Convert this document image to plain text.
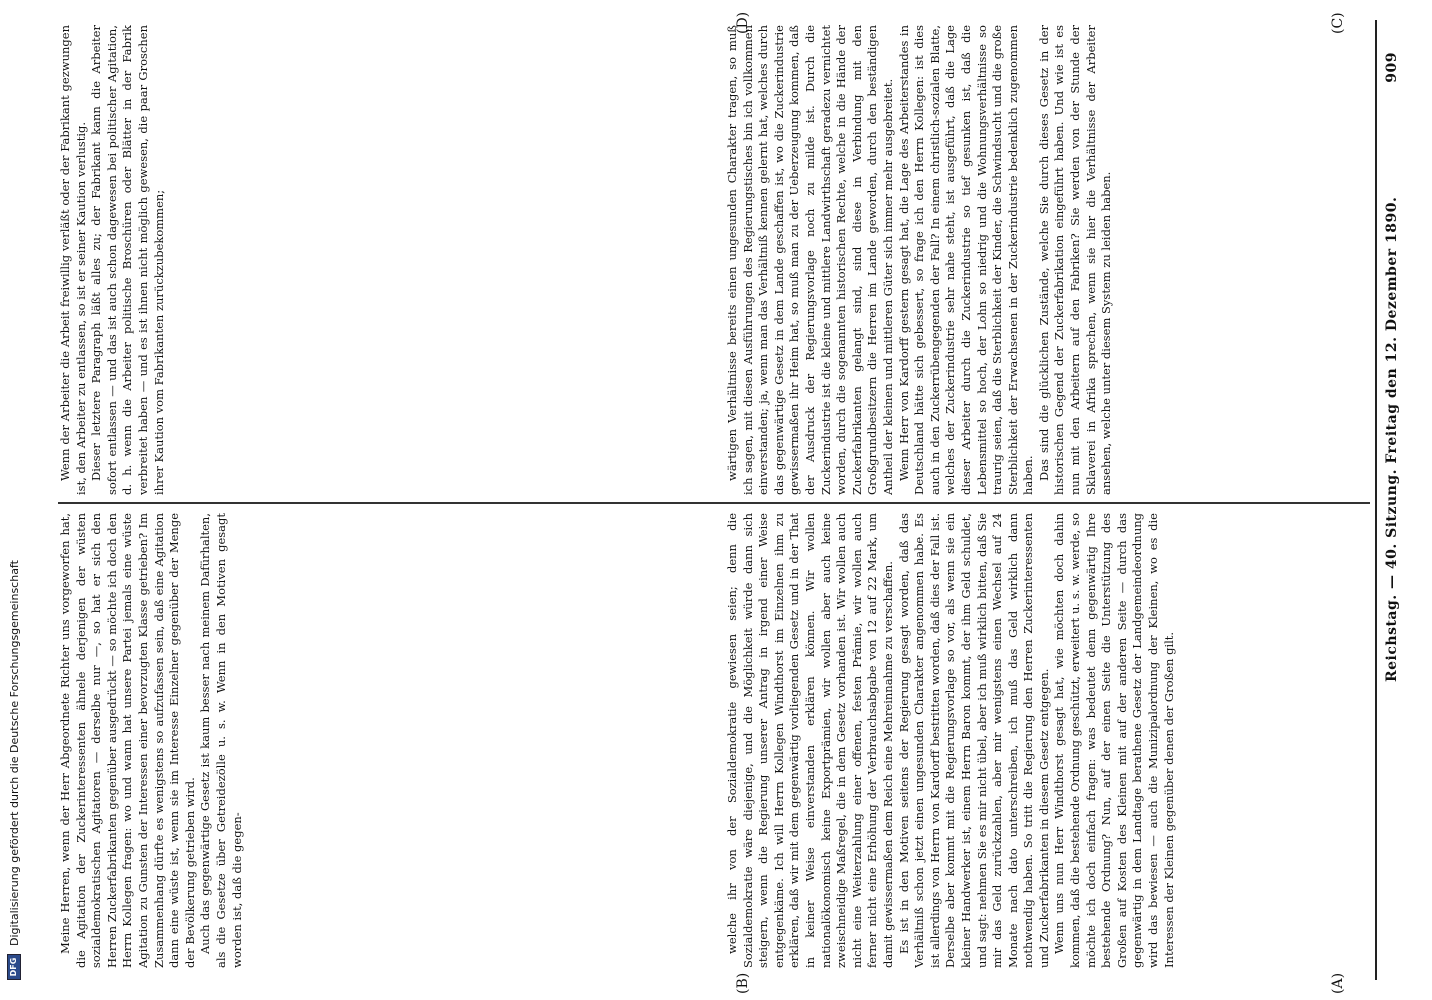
Reichstag. — 40. Sitzung. Freitag den 12. Dezember 1890.
909
(A)
(B)
(C)
(D)

welche ihr von der Sozialdemokratie gewiesen seien; denn die Sozialdemokratie wäre diejenige, und die Möglichkeit würde dann sich steigern, wenn die Regierung unserer Antrag in irgend einer Weise entgegenkäme. Ich will Herrn Kollegen Windthorst im Einzelnen ihm zu erklären, daß wir mit dem gegenwärtig vorliegenden Gesetz und in der That in keiner Weise einverstanden erklären können. Wir wollen nationalökonomisch keine Exportprämien, wir wollen aber auch keine zweischneidige Maßregel, die in dem Gesetz vorhanden ist. Wir wollen auch nicht eine Weiterzahlung einer offenen, festen Prämie, wir wollen auch ferner nicht eine Erhöhung der Verbrauchsabgabe von 12 auf 22 Mark, um damit gewissermaßen dem Reich eine Mehreinnahme zu verschaffen. Es ist in den Motiven seitens der Regierung gesagt worden, daß das Verhältniß schon jetzt einen ungesunden Charakter angenommen habe. Es ist allerdings von Herrn von Kardorff bestritten worden, daß dies der Fall ist. Derselbe aber kommt mit die Regierungsvorlage so vor, als wenn sie ein kleiner Handwerker ist, einem Herrn Baron kommt, der ihm Geld schuldet, und sagt: nehmen Sie es mir nicht übel, aber ich muß wirklich bitten, daß Sie mir das Geld zurückzahlen, aber mir wenigstens einen Wechsel auf 24 Monate nach dato unterschreiben, ich muß das Geld wirklich dann nothwendig haben. So tritt die Regierung den Herren Zuckerinteressenten und Zuckerfabrikanten in diesem Gesetz entgegen. Wenn uns nun Herr Windthorst gesagt hat, wie möchten doch dahin kommen, daß die bestehende Ordnung geschützt, erweitert u. s. w. werde, so möchte ich doch einfach fragen: was bedeutet denn gegenwärtig Ihre bestehende Ordnung? Nun, auf der einen Seite die Unterstützung des Großen auf Kosten des Kleinen mit auf der anderen Seite — durch das gegenwärtig in dem Landtage berathene Gesetz der Landgemeindeordnung wird das bewiesen — auch die Munizipalordnung der Kleinen, wo es die Interessen der Kleinen gegenüber denen der Großen gilt.

Meine Herren, wenn der Herr Abgeordnete Richter uns vorgeworfen hat, die Agitation der Zuckerinteressenten ähnele derjenigen der wüsten sozialdemokratischen Agitatoren — derselbe nur —, so hat er sich den Herren Zuckerfabrikanten gegenüber ausgedrückt — so möchte ich doch den Herrn Kollegen fragen: wo und wann hat unsere Partei jemals eine wüste Agitation zu Gunsten der Interessen einer bevorzugten Klasse getrieben? Im Zusammenhang dürfte es wenigstens so aufzufassen sein, daß eine Agitation dann eine wüste ist, wenn sie im Interesse Einzelner gegenüber der Menge der Bevölkerung getrieben wird. Auch das gegenwärtige Gesetz ist kaum besser nach meinem Dafürhalten, als die Gesetze über Getreidezölle u. s. w. Wenn in den Motiven gesagt worden ist, daß die gegen-

wärtigen Verhältnisse bereits einen ungesunden Charakter tragen, so muß ich sagen, mit diesen Ausführungen des Regierungstisches bin ich vollkommen einverstanden; ja, wenn man das Verhältniß kennen gelernt hat, welches durch das gegenwärtige Gesetz in dem Lande geschaffen ist, wo die Zuckerindustrie gewissermaßen ihr Heim hat, so muß man zu der Ueberzeugung kommen, daß der Ausdruck der Regierungsvorlage noch zu milde ist. Durch die Zuckerindustrie ist die kleine und mittlere Landwirthschaft geradezu vernichtet worden, durch die sogenannten historischen Rechte, welche in die Hände der Zuckerfabrikanten gelangt sind, sind diese in Verbindung mit den Großgrundbesitzern die Herren im Lande geworden, durch den beständigen Antheil der kleinen und mittleren Güter sich immer mehr ausgebreitet. Wenn Herr von Kardorff gestern gesagt hat, die Lage des Arbeiterstandes in Deutschland hätte sich gebessert, so frage ich den Herrn Kollegen: ist dies auch in den Zuckerrübengegenden der Fall? In einem christlich-sozialen Blatte, welches der Zuckerindustrie sehr nahe steht, ist ausgeführt, daß die Lage dieser Arbeiter durch die Zuckerindustrie so tief gesunken ist, daß die Lebensmittel so hoch, der Lohn so niedrig und die Wohnungsverhältnisse so traurig seien, daß die Sterblichkeit der Kinder, die Schwindsucht und die große Sterblichkeit der Erwachsenen in der Zuckerindustrie bedenklich zugenommen haben. Das sind die glücklichen Zustände, welche Sie durch dieses Gesetz in der historischen Gegend der Zuckerfabrikation eingeführt haben. Und wie ist es nun mit den Arbeitern auf den Fabriken? Sie werden von der Stunde der Sklaverei in Afrika sprechen, wenn sie hier die Verhältnisse der Arbeiter ansehen, welche unter diesem System zu leiden haben.

Wenn der Arbeiter die Arbeit freiwillig verläßt oder der Fabrikant gezwungen ist, den Arbeiter zu entlassen, so ist er seiner Kaution verlustig. Dieser letztere Paragraph läßt alles zu; der Fabrikant kann die Arbeiter sofort entlassen — und das ist auch schon dagewesen bei politischer Agitation, d. h. wenn die Arbeiter politische Broschüren oder Blätter in der Fabrik verbreitet haben — und es ist ihnen nicht möglich gewesen, die paar Groschen ihrer Kaution vom Fabrikanten zurückzubekommen;

DFG
Digitalisierung gefördert durch die Deutsche Forschungsgemeinschaft
